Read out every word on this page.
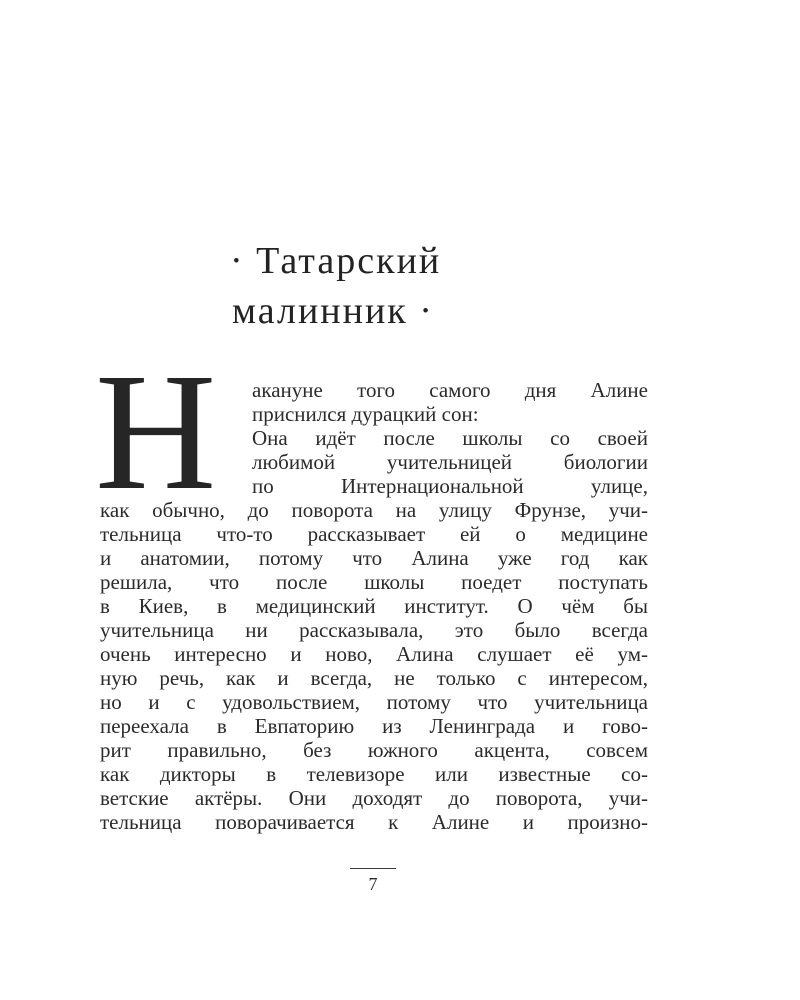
· Татарский
малинник ·
Н	акануне того самого дня Алине
приснился дурацкий сон:
Она идёт после школы со своей
любимой учительницей биологии
по Интернациональной улице,
как обычно, до поворота на улицу Фрунзе, учи-
тельница что-то рассказывает ей о медицине
и анатомии, потому что Алина уже год как
решила, что после школы поедет поступать
в Киев, в медицинский институт. О чём бы
учительница ни рассказывала, это было всегда
очень интересно и ново, Алина слушает её ум-
ную речь, как и всегда, не только с интересом,
но и с удовольствием, потому что учительница
переехала в Евпаторию из Ленинграда и гово-
рит правильно, без южного акцента, совсем
как дикторы в телевизоре или известные со-
ветские актёры. Они доходят до поворота, учи-
тельница поворачивается к Алине и произно-
7
